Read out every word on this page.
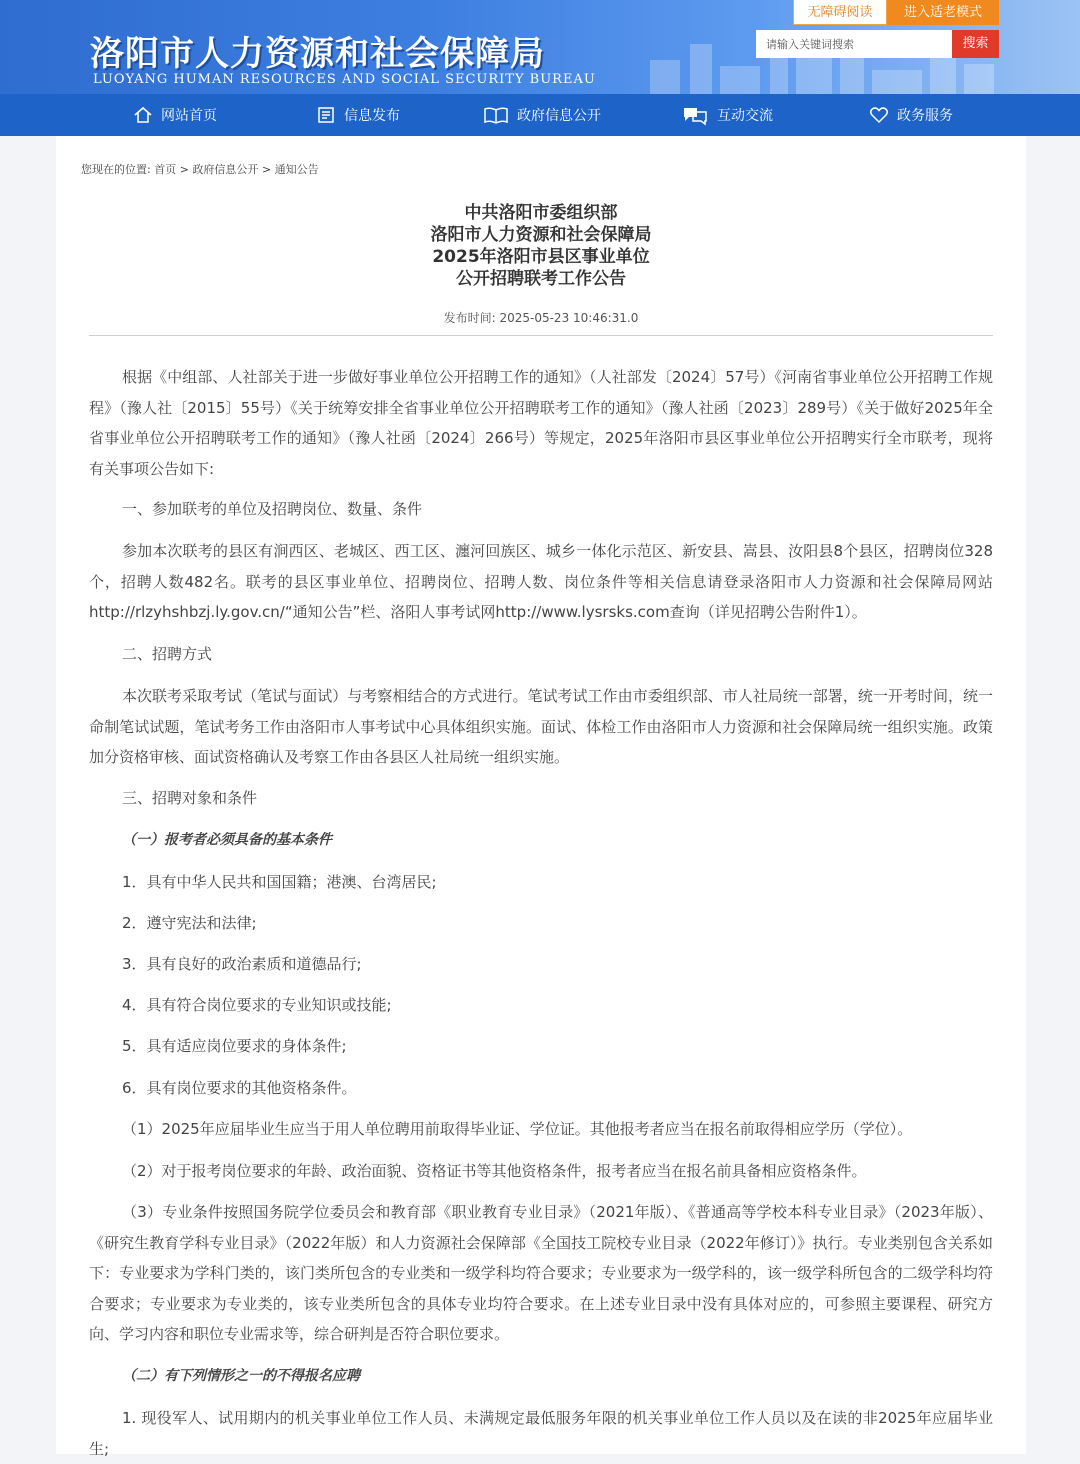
洛阳市人力资源和社会保障局
LUOYANG HUMAN RESOURCES AND SOCIAL SECURITY BUREAU
无障碍阅读	进入适老模式
请输入关键词搜索
搜索
网站首页	信息发布	政府信息公开	互动交流	政务服务
您现在的位置: 首页 > 政府信息公开 > 通知公告
中共洛阳市委组织部
洛阳市人力资源和社会保障局
2025年洛阳市县区事业单位
公开招聘联考工作公告
发布时间: 2025-05-23 10:46:31.0

根据《中组部、人社部关于进一步做好事业单位公开招聘工作的通知》（人社部发〔2024〕57号）《河南省事业单位公开招聘工作规程》（豫人社〔2015〕55号）《关于统筹安排全省事业单位公开招聘联考工作的通知》（豫人社函〔2023〕289号）《关于做好2025年全省事业单位公开招聘联考工作的通知》（豫人社函〔2024〕266号）等规定，2025年洛阳市县区事业单位公开招聘实行全市联考，现将有关事项公告如下:

一、参加联考的单位及招聘岗位、数量、条件

参加本次联考的县区有涧西区、老城区、西工区、瀍河回族区、城乡一体化示范区、新安县、嵩县、汝阳县8个县区，招聘岗位328个，招聘人数482名。联考的县区事业单位、招聘岗位、招聘人数、岗位条件等相关信息请登录洛阳市人力资源和社会保障局网站http://rlzyhshbzj.ly.gov.cn/“通知公告”栏、洛阳人事考试网http://www.lysrsks.com查询（详见招聘公告附件1）。

二、招聘方式

本次联考采取考试（笔试与面试）与考察相结合的方式进行。笔试考试工作由市委组织部、市人社局统一部署，统一开考时间，统一命制笔试试题，笔试考务工作由洛阳市人事考试中心具体组织实施。面试、体检工作由洛阳市人力资源和社会保障局统一组织实施。政策加分资格审核、面试资格确认及考察工作由各县区人社局统一组织实施。

三、招聘对象和条件

（一）报考者必须具备的基本条件

1．具有中华人民共和国国籍；港澳、台湾居民;

2．遵守宪法和法律;

3．具有良好的政治素质和道德品行;

4．具有符合岗位要求的专业知识或技能;

5．具有适应岗位要求的身体条件;

6．具有岗位要求的其他资格条件。

（1）2025年应届毕业生应当于用人单位聘用前取得毕业证、学位证。其他报考者应当在报名前取得相应学历（学位）。

（2）对于报考岗位要求的年龄、政治面貌、资格证书等其他资格条件，报考者应当在报名前具备相应资格条件。

（3）专业条件按照国务院学位委员会和教育部《职业教育专业目录》（2021年版）、《普通高等学校本科专业目录》（2023年版）、《研究生教育学科专业目录》（2022年版）和人力资源社会保障部《全国技工院校专业目录（2022年修订）》执行。专业类别包含关系如下：专业要求为学科门类的，该门类所包含的专业类和一级学科均符合要求；专业要求为一级学科的，该一级学科所包含的二级学科均符合要求；专业要求为专业类的，该专业类所包含的具体专业均符合要求。在上述专业目录中没有具体对应的，可参照主要课程、研究方向、学习内容和职位专业需求等，综合研判是否符合职位要求。

（二）有下列情形之一的不得报名应聘

1. 现役军人、试用期内的机关事业单位工作人员、未满规定最低服务年限的机关事业单位工作人员以及在读的非2025年应届毕业生;
